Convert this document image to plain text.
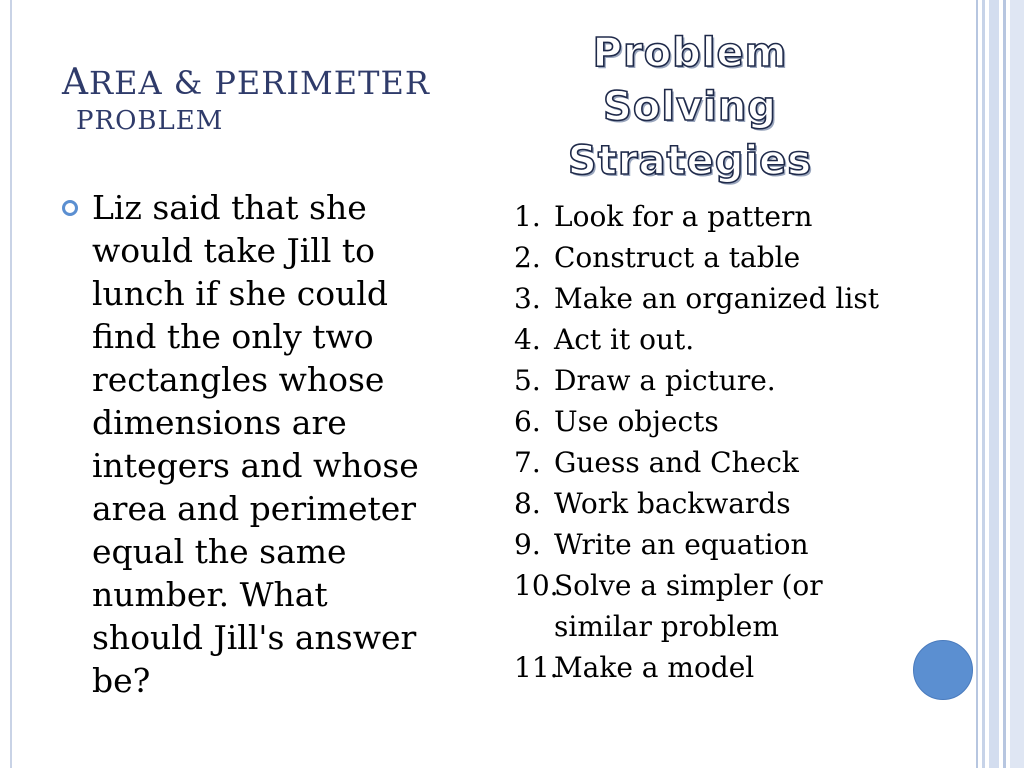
AREA & PERIMETER
PROBLEM
Liz said that she
would take Jill to
lunch if she could
find the only two
rectangles whose
dimensions are
integers and whose
area and perimeter
equal the same
number. What
should Jill's answer
be?
Problem
Solving
Strategies
1. Look for a pattern
2. Construct a table
3. Make an organized list
4. Act it out.
5. Draw a picture.
6. Use objects
7. Guess and Check
8. Work backwards
9. Write an equation
10.
Solve a simpler (or similar problem
11.
Make a model
